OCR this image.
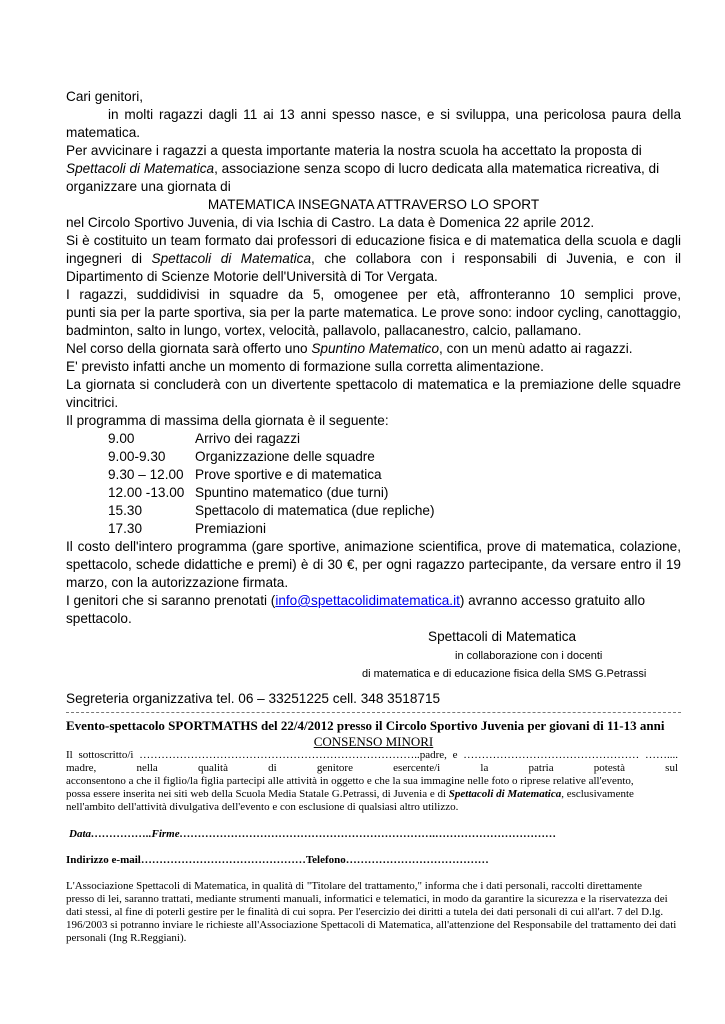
Cari genitori,
in molti ragazzi dagli 11 ai 13 anni spesso nasce, e si sviluppa, una pericolosa paura della
matematica.
Per avvicinare i ragazzi a questa importante materia la nostra scuola ha accettato la proposta di
Spettacoli di Matematica, associazione senza scopo di lucro dedicata alla matematica ricreativa, di
organizzare una giornata di
MATEMATICA INSEGNATA ATTRAVERSO LO SPORT
nel Circolo Sportivo Juvenia, di via Ischia di Castro. La data è Domenica 22 aprile 2012.
Si è costituito un team formato dai professori di educazione fisica e di matematica della scuola e dagli
ingegneri di Spettacoli di Matematica, che collabora con i responsabili di Juvenia, e con il
Dipartimento di Scienze Motorie dell'Università di Tor Vergata.
I ragazzi, suddidivisi in squadre da 5, omogenee per età, affronteranno 10 semplici prove,
punti sia per la parte sportiva, sia per la parte matematica. Le prove sono: indoor cycling, canottaggio,
badminton, salto in lungo, vortex, velocità, pallavolo, pallacanestro, calcio, pallamano.
Nel corso della giornata sarà offerto uno Spuntino Matematico, con un menù adatto ai ragazzi.
E' previsto infatti anche un momento di formazione sulla corretta alimentazione.
La giornata si concluderà con un divertente spettacolo di matematica e la premiazione delle squadre
vincitrici.
Il programma di massima della giornata è il seguente:
9.00	Arrivo dei ragazzi
9.00-9.30 Organizzazione delle squadre
9.30 – 12.00 Prove sportive e di matematica
12.00 -13.00 Spuntino matematico (due turni)
15.30	Spettacolo di matematica (due repliche)
17.30	Premiazioni
Il costo dell'intero programma (gare sportive, animazione scientifica, prove di matematica, colazione,
spettacolo, schede didattiche e premi) è di 30 €, per ogni ragazzo partecipante, da versare entro il 19
marzo, con la autorizzazione firmata.
I genitori che si saranno prenotati (info@spettacolidimatematica.it) avranno accesso gratuito allo
spettacolo.
Spettacoli di Matematica
in collaborazione con i docenti
di matematica e di educazione fisica della SMS G.Petrassi
Segreteria organizzativa tel. 06 – 33251225 cell. 348 3518715
Evento-spettacolo SPORTMATHS del 22/4/2012 presso il Circolo Sportivo Juvenia per giovani di 11-13 anni
CONSENSO MINORI
Il sottoscritto/i …………………………………………………………………..padre, e ………………………………………… ……....
madre, nella qualità di genitore esercente/i la patria potestà sul
acconsentono a che il figlio/la figlia partecipi alle attività in oggetto e che la sua immagine nelle foto o riprese relative all'evento,
possa essere inserita nei siti web della Scuola Media Statale G.Petrassi, di Juvenia e di Spettacoli di Matematica, esclusivamente
nell'ambito dell'attività divulgativa dell'evento e con esclusione di qualsiasi altro utilizzo.
Data……………..Firme…………………………………………………………….……………………………
Indirizzo e-mail………………………………………Telefono…………………………………
L'Associazione Spettacoli di Matematica, in qualità di "Titolare del trattamento," informa che i dati personali, raccolti direttamente
presso di lei, saranno trattati, mediante strumenti manuali, informatici e telematici, in modo da garantire la sicurezza e la riservatezza dei
dati stessi, al fine di poterli gestire per le finalità di cui sopra. Per l'esercizio dei diritti a tutela dei dati personali di cui all'art. 7 del D.lg.
196/2003 si potranno inviare le richieste all'Associazione Spettacoli di Matematica, all'attenzione del Responsabile del trattamento dei dati
personali (Ing R.Reggiani).
